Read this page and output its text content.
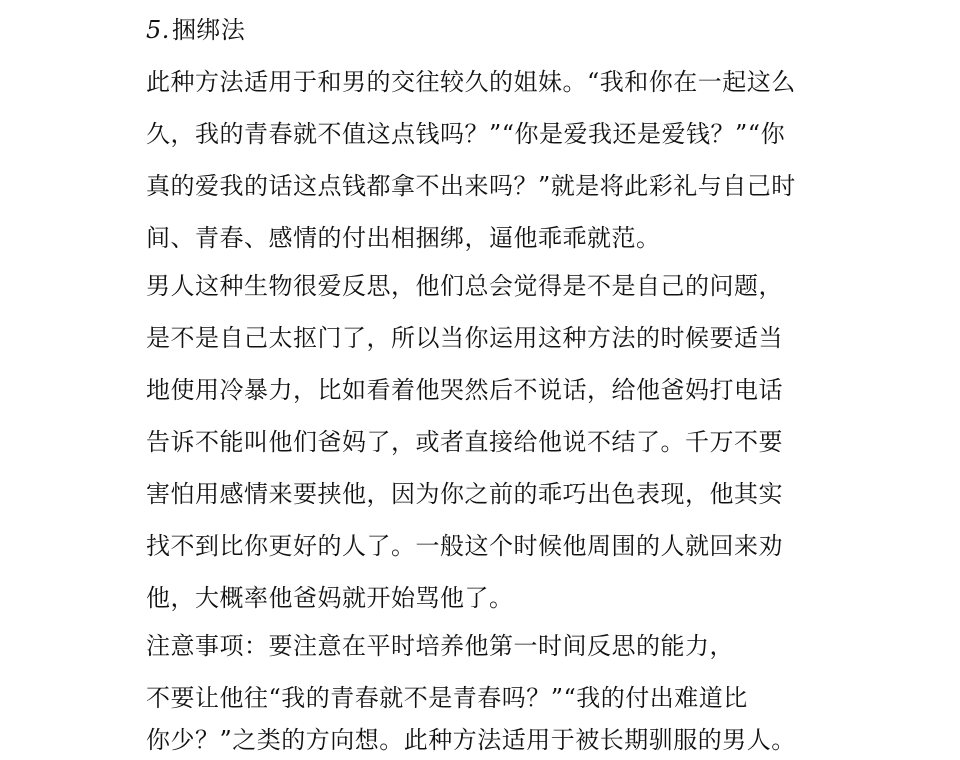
5.捆绑法
此种方法适用于和男的交往较久的姐妹。“我和你在一起这么
久，我的青春就不值这点钱吗？”“你是爱我还是爱钱？”“你
真的爱我的话这点钱都拿不出来吗？”就是将此彩礼与自己时
间、青春、感情的付出相捆绑，逼他乖乖就范。
男人这种生物很爱反思，他们总会觉得是不是自己的问题，
是不是自己太抠门了，所以当你运用这种方法的时候要适当
地使用冷暴力，比如看着他哭然后不说话，给他爸妈打电话
告诉不能叫他们爸妈了，或者直接给他说不结了。千万不要
害怕用感情来要挟他，因为你之前的乖巧出色表现，他其实
找不到比你更好的人了。一般这个时候他周围的人就回来劝
他，大概率他爸妈就开始骂他了。
注意事项：要注意在平时培养他第一时间反思的能力，
不要让他往“我的青春就不是青春吗？”“我的付出难道比
你少？”之类的方向想。此种方法适用于被长期驯服的男人。
